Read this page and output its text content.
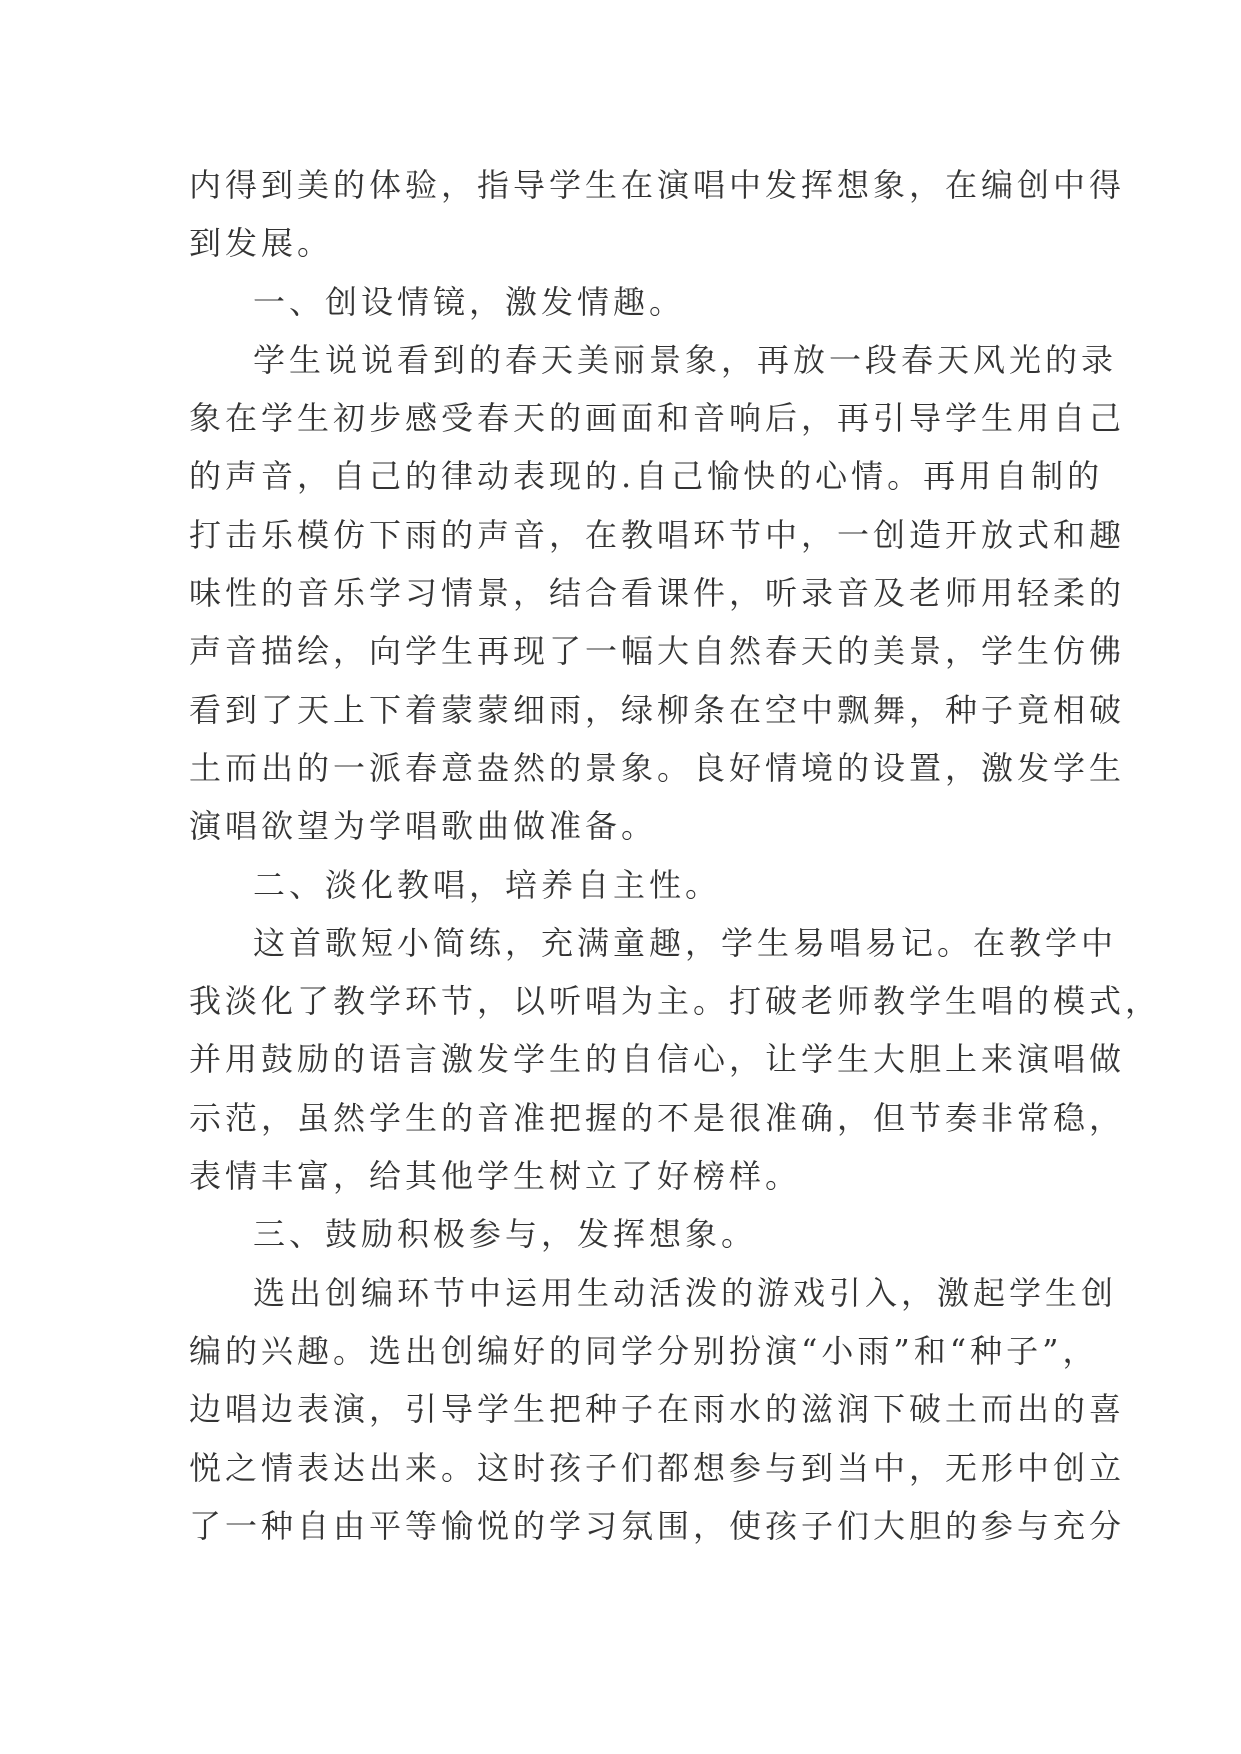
内得到美的体验，指导学生在演唱中发挥想象，在编创中得
到发展。
一、创设情镜，激发情趣。
学生说说看到的春天美丽景象，再放一段春天风光的录
象在学生初步感受春天的画面和音响后，再引导学生用自己
的声音，自己的律动表现的.自己愉快的心情。再用自制的
打击乐模仿下雨的声音，在教唱环节中，一创造开放式和趣
味性的音乐学习情景，结合看课件，听录音及老师用轻柔的
声音描绘，向学生再现了一幅大自然春天的美景，学生仿佛
看到了天上下着蒙蒙细雨，绿柳条在空中飘舞，种子竟相破
土而出的一派春意盎然的景象。良好情境的设置，激发学生
演唱欲望为学唱歌曲做准备。
二、淡化教唱，培养自主性。
这首歌短小简练，充满童趣，学生易唱易记。在教学中
我淡化了教学环节，以听唱为主。打破老师教学生唱的模式，
并用鼓励的语言激发学生的自信心，让学生大胆上来演唱做
示范，虽然学生的音准把握的不是很准确，但节奏非常稳，
表情丰富，给其他学生树立了好榜样。
三、鼓励积极参与，发挥想象。
选出创编环节中运用生动活泼的游戏引入，激起学生创
编的兴趣。选出创编好的同学分别扮演“小雨”和“种子”，
边唱边表演，引导学生把种子在雨水的滋润下破土而出的喜
悦之情表达出来。这时孩子们都想参与到当中，无形中创立
了一种自由平等愉悦的学习氛围，使孩子们大胆的参与充分
